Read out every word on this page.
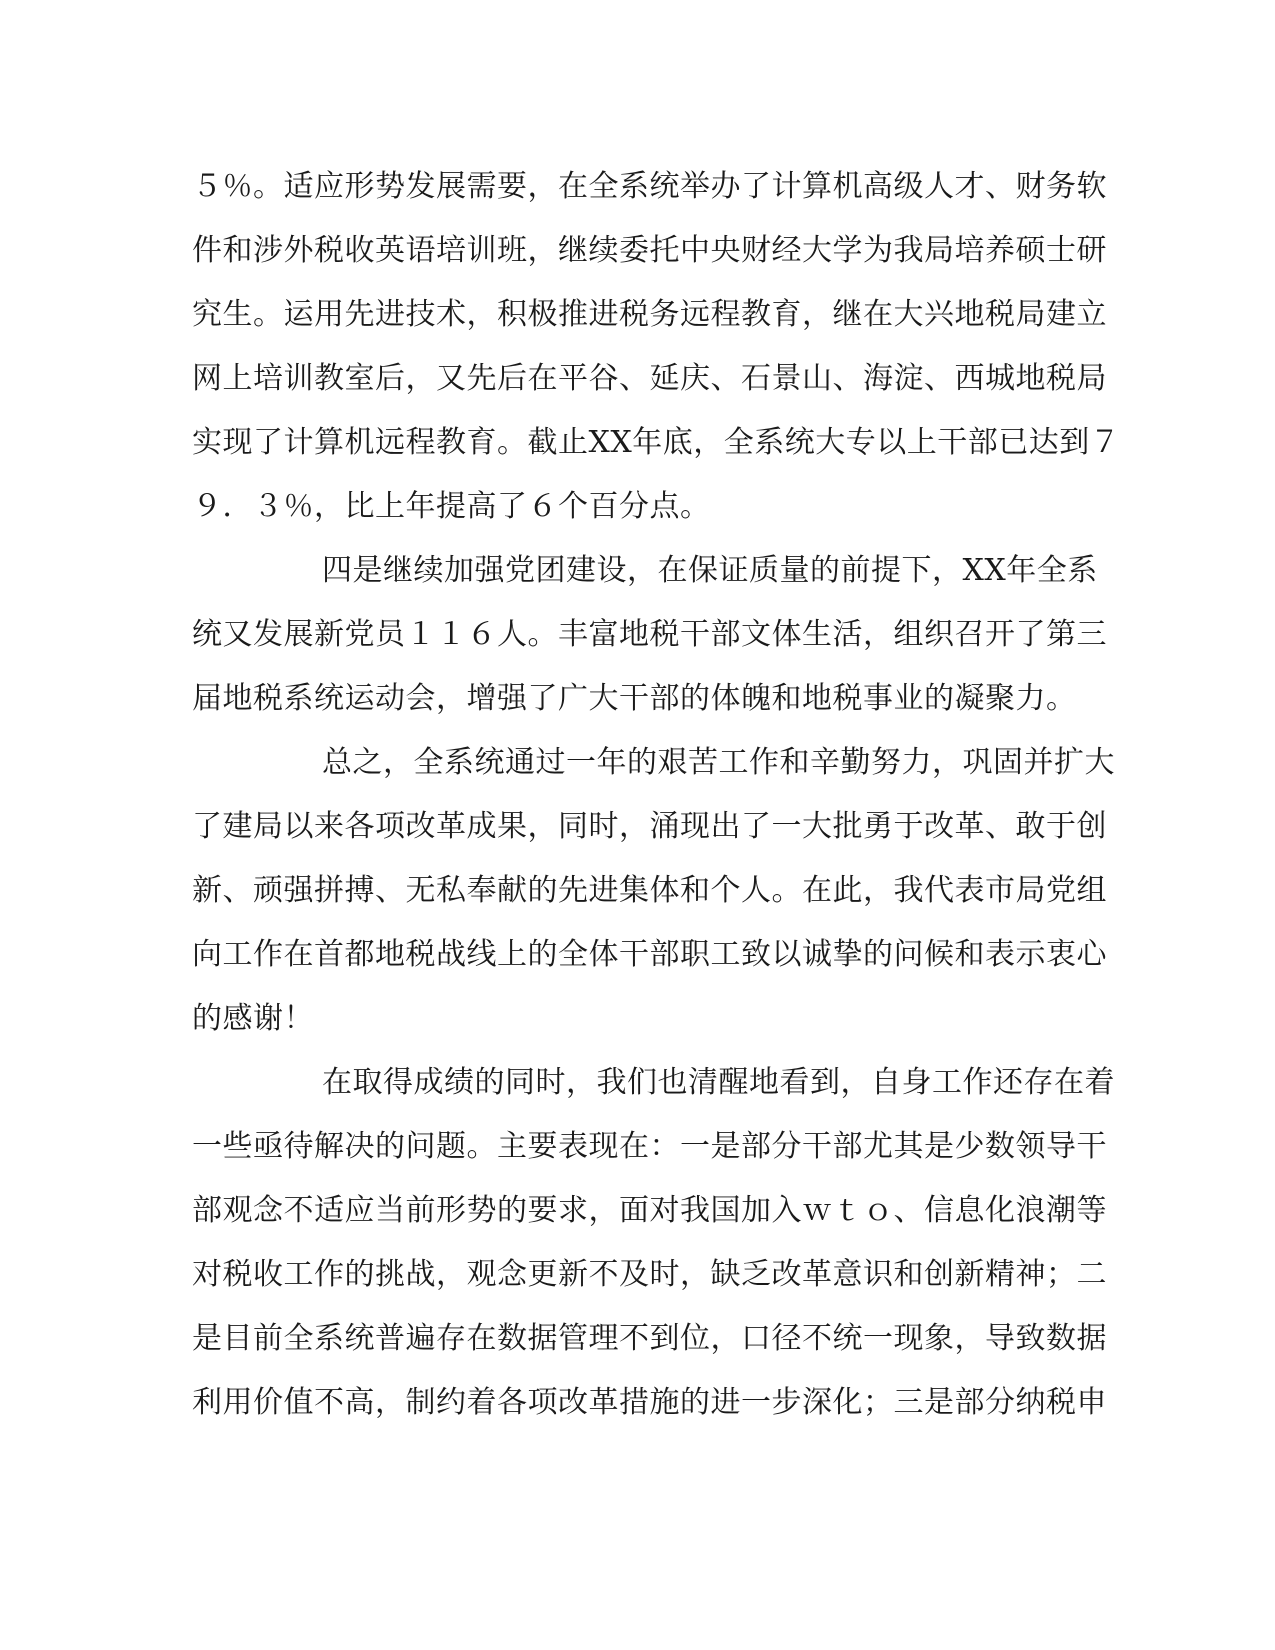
５％。适应形势发展需要，在全系统举办了计算机高级人才、财务软
件和涉外税收英语培训班，继续委托中央财经大学为我局培养硕士研
究生。运用先进技术，积极推进税务远程教育，继在大兴地税局建立
网上培训教室后，又先后在平谷、延庆、石景山、海淀、西城地税局
实现了计算机远程教育。截止XX年底，全系统大专以上干部已达到７
９．３％，比上年提高了６个百分点。
四是继续加强党团建设，在保证质量的前提下，XX年全系
统又发展新党员１１６人。丰富地税干部文体生活，组织召开了第三
届地税系统运动会，增强了广大干部的体魄和地税事业的凝聚力。
总之，全系统通过一年的艰苦工作和辛勤努力，巩固并扩大
了建局以来各项改革成果，同时，涌现出了一大批勇于改革、敢于创
新、顽强拼搏、无私奉献的先进集体和个人。在此，我代表市局党组
向工作在首都地税战线上的全体干部职工致以诚挚的问候和表示衷心
的感谢！
在取得成绩的同时，我们也清醒地看到，自身工作还存在着
一些亟待解决的问题。主要表现在：一是部分干部尤其是少数领导干
部观念不适应当前形势的要求，面对我国加入ｗｔｏ、信息化浪潮等
对税收工作的挑战，观念更新不及时，缺乏改革意识和创新精神；二
是目前全系统普遍存在数据管理不到位，口径不统一现象，导致数据
利用价值不高，制约着各项改革措施的进一步深化；三是部分纳税申
